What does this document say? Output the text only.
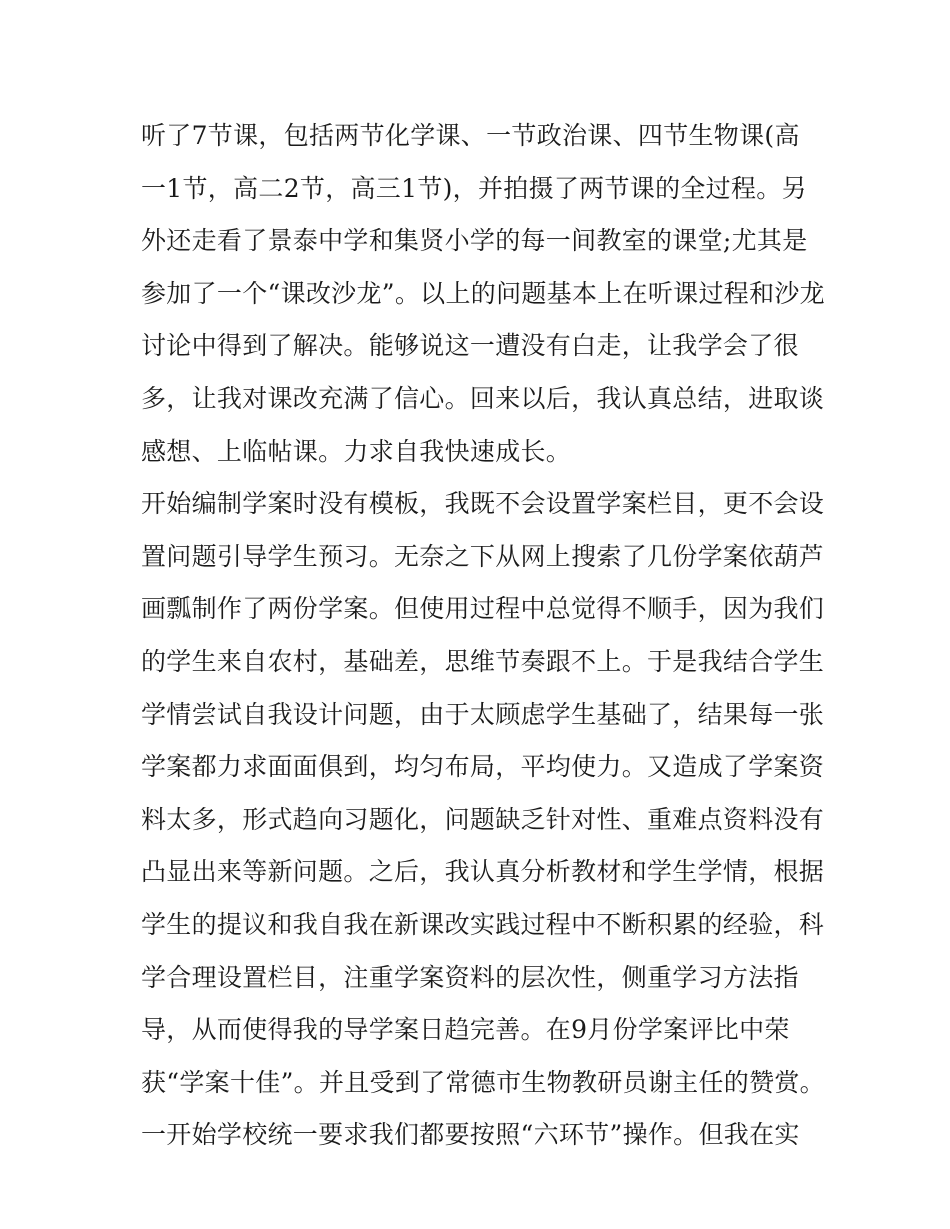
听了7节课，包括两节化学课、一节政治课、四节生物课(高
一1节，高二2节，高三1节)，并拍摄了两节课的全过程。另
外还走看了景泰中学和集贤小学的每一间教室的课堂;尤其是
参加了一个“课改沙龙”。以上的问题基本上在听课过程和沙龙
讨论中得到了解决。能够说这一遭没有白走，让我学会了很
多，让我对课改充满了信心。回来以后，我认真总结，进取谈
感想、上临帖课。力求自我快速成长。
开始编制学案时没有模板，我既不会设置学案栏目，更不会设
置问题引导学生预习。无奈之下从网上搜索了几份学案依葫芦
画瓢制作了两份学案。但使用过程中总觉得不顺手，因为我们
的学生来自农村，基础差，思维节奏跟不上。于是我结合学生
学情尝试自我设计问题，由于太顾虑学生基础了，结果每一张
学案都力求面面俱到，均匀布局，平均使力。又造成了学案资
料太多，形式趋向习题化，问题缺乏针对性、重难点资料没有
凸显出来等新问题。之后，我认真分析教材和学生学情，根据
学生的提议和我自我在新课改实践过程中不断积累的经验，科
学合理设置栏目，注重学案资料的层次性，侧重学习方法指
导，从而使得我的导学案日趋完善。在9月份学案评比中荣
获“学案十佳”。并且受到了常德市生物教研员谢主任的赞赏。
一开始学校统一要求我们都要按照“六环节”操作。但我在实
